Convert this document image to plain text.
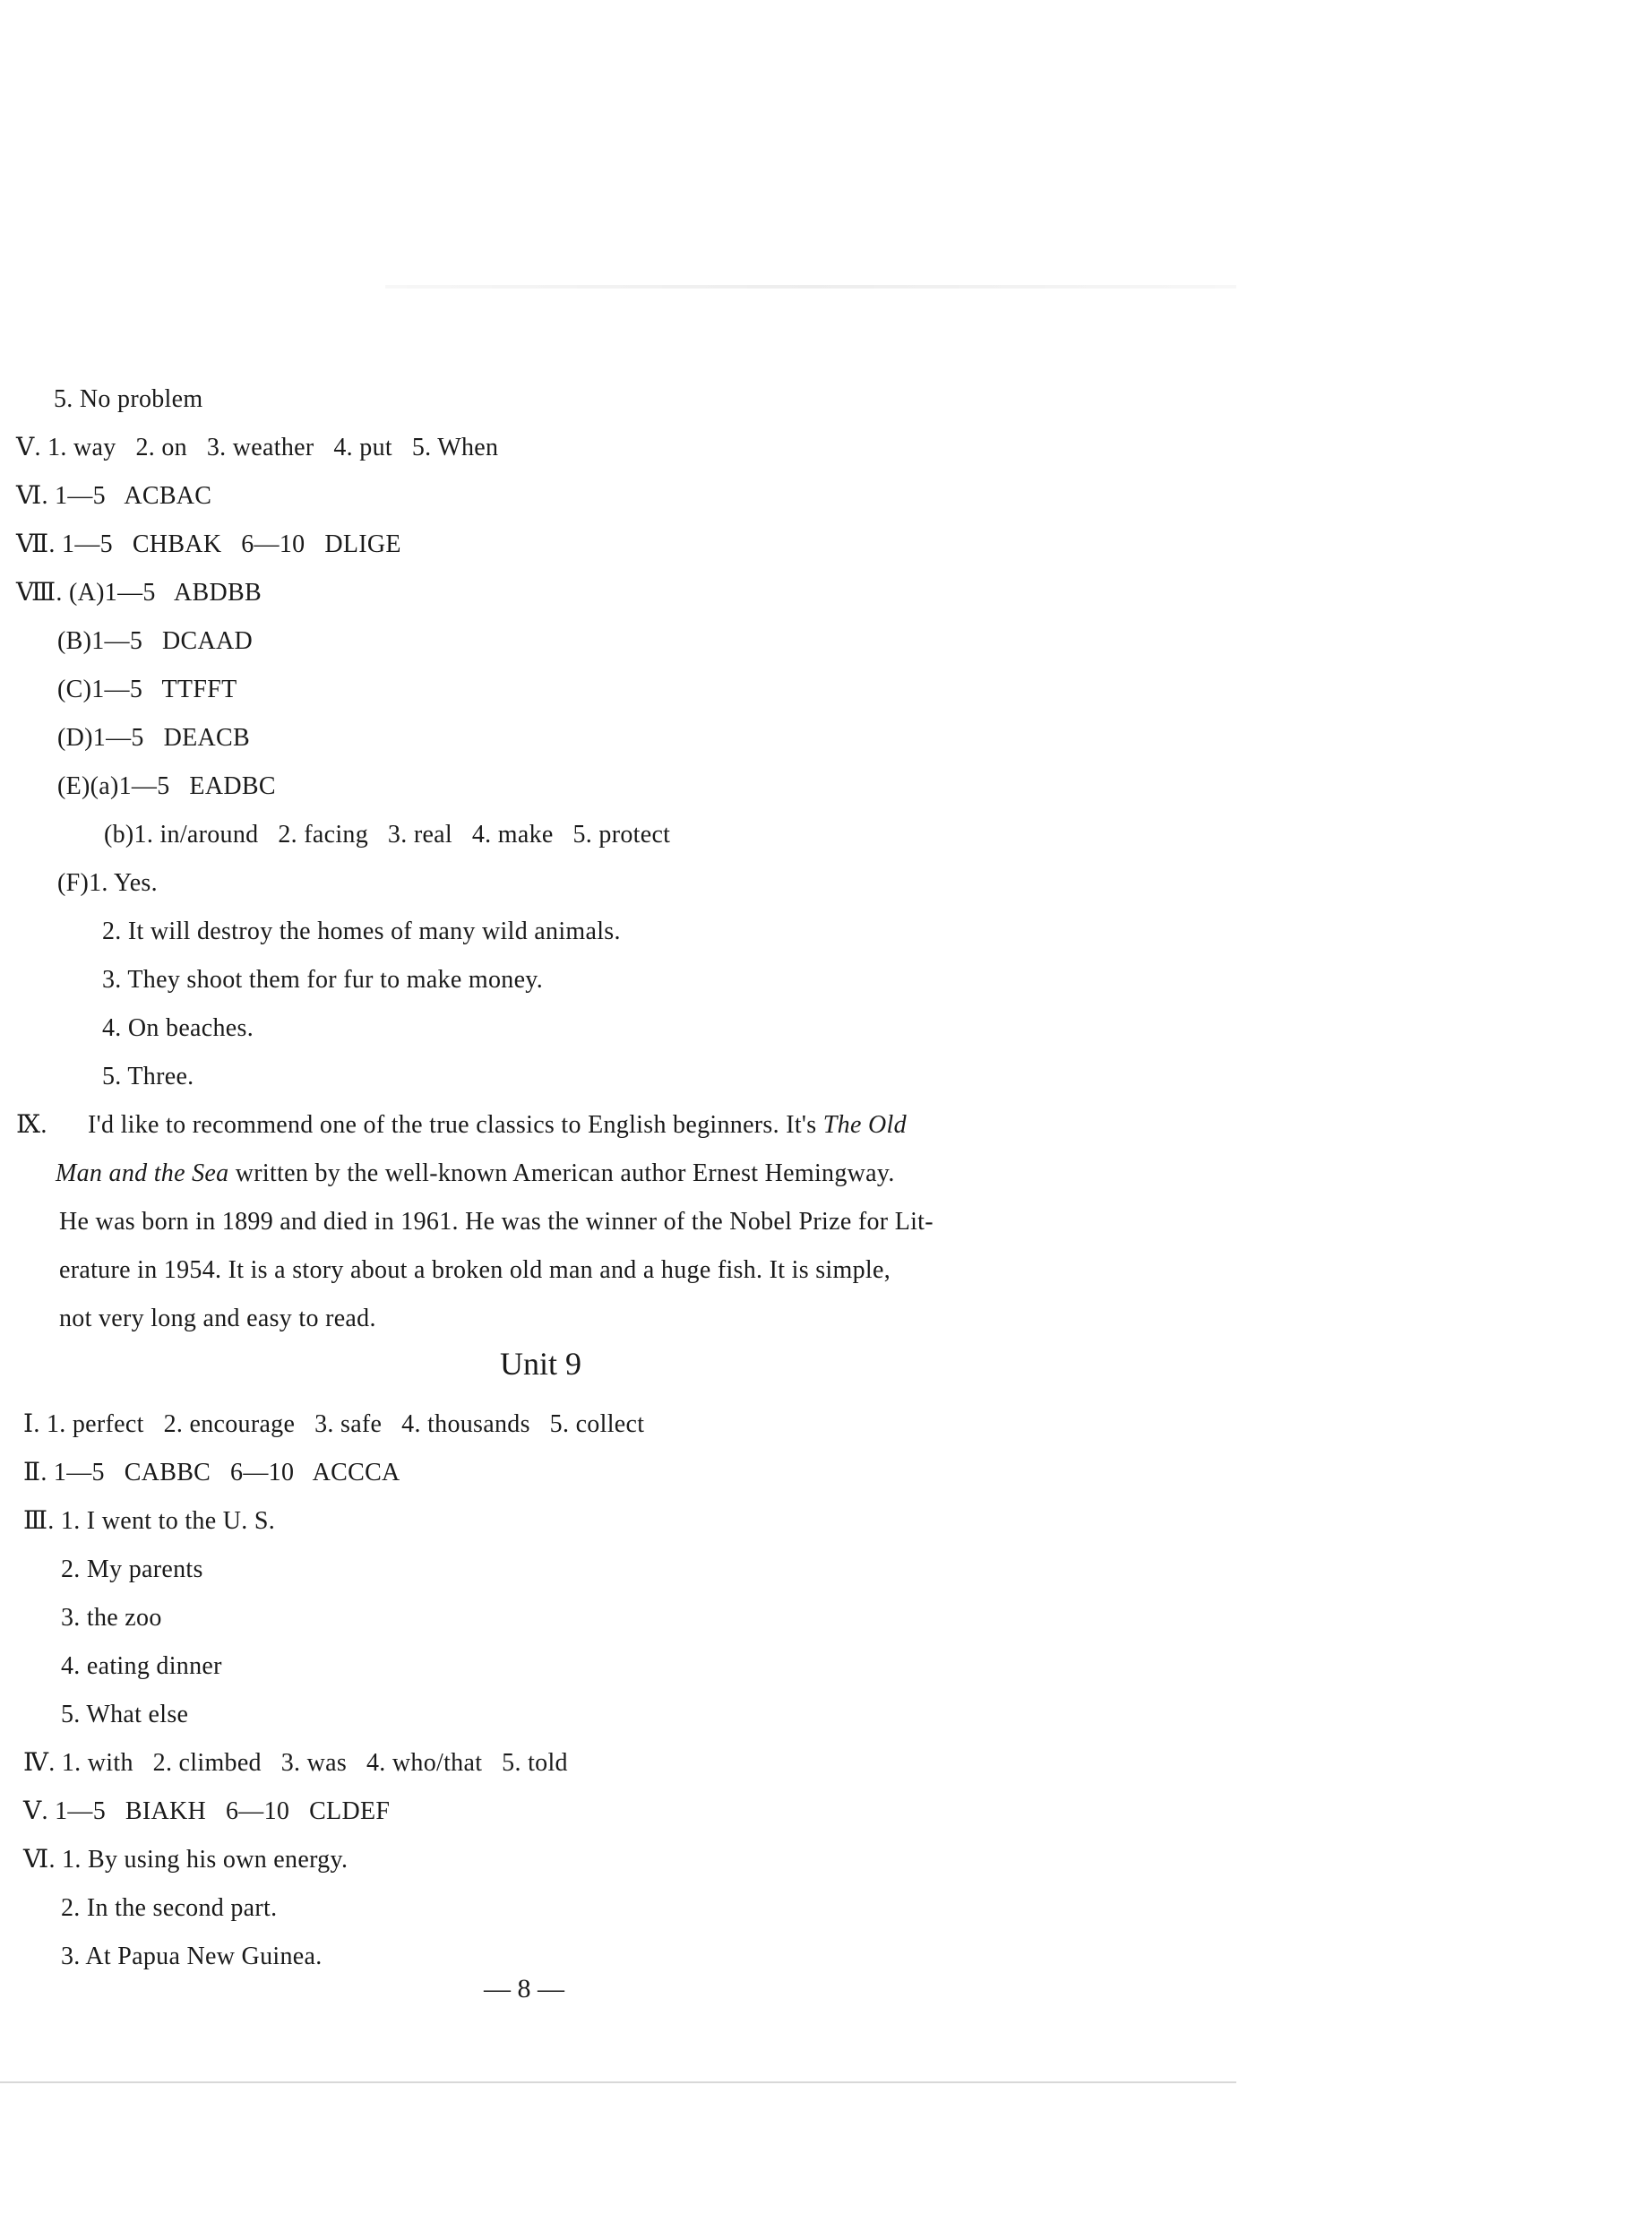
5. No problem
Ⅴ. 1. way   2. on   3. weather   4. put   5. When
Ⅵ. 1—5   ACBAC
Ⅶ. 1—5   CHBAK   6—10   DLIGE
Ⅷ. (A)1—5   ABDBB
(B)1—5   DCAAD
(C)1—5   TTFFT
(D)1—5   DEACB
(E)(a)1—5   EADBC
(b)1. in/around   2. facing   3. real   4. make   5. protect
(F)1. Yes.
2. It will destroy the homes of many wild animals.
3. They shoot them for fur to make money.
4. On beaches.
5. Three.
Ⅸ. I'd like to recommend one of the true classics to English beginners. It's The Old
Man and the Sea written by the well-known American author Ernest Hemingway.
He was born in 1899 and died in 1961. He was the winner of the Nobel Prize for Lit-
erature in 1954. It is a story about a broken old man and a huge fish. It is simple,
not very long and easy to read.
Unit 9
Ⅰ. 1. perfect   2. encourage   3. safe   4. thousands   5. collect
Ⅱ. 1—5   CABBC   6—10   ACCCA
Ⅲ. 1. I went to the U. S.
2. My parents
3. the zoo
4. eating dinner
5. What else
Ⅳ. 1. with   2. climbed   3. was   4. who/that   5. told
Ⅴ. 1—5   BIAKH   6—10   CLDEF
Ⅵ. 1. By using his own energy.
2. In the second part.
3. At Papua New Guinea.
— 8 —
